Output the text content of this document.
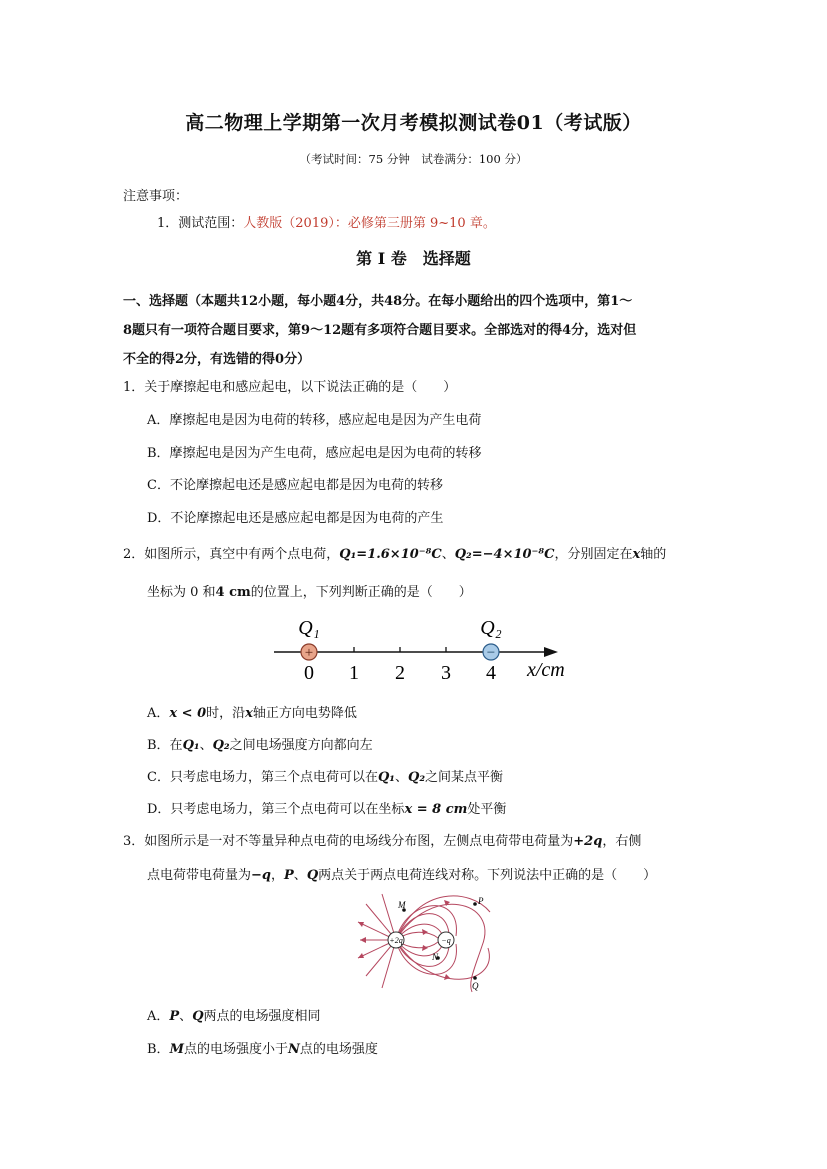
高二物理上学期第一次月考模拟测试卷01（考试版）
（考试时间：75 分钟　试卷满分：100 分）
注意事项：
1．测试范围：人教版（2019）：必修第三册第 9~10 章。
第 I 卷　选择题
一、选择题（本题共12小题，每小题4分，共48分。在每小题给出的四个选项中，第1～
8题只有一项符合题目要求，第9～12题有多项符合题目要求。全部选对的得4分，选对但
不全的得2分，有选错的得0分）
1．关于摩擦起电和感应起电，以下说法正确的是（　　）
A．摩擦起电是因为电荷的转移，感应起电是因为产生电荷
B．摩擦起电是因为产生电荷，感应起电是因为电荷的转移
C．不论摩擦起电还是感应起电都是因为电荷的转移
D．不论摩擦起电还是感应起电都是因为电荷的产生
2．如图所示，真空中有两个点电荷，Q₁=1.6×10⁻⁸C、Q₂=−4×10⁻⁸C，分别固定在x轴的
坐标为 0 和4 cm的位置上，下列判断正确的是（　　）
+	−
Q₁	Q₂
0 1 2 3 4 x/cm
A．x < 0时，沿x轴正方向电势降低
B．在Q₁、Q₂之间电场强度方向都向左
C．只考虑电场力，第三个点电荷可以在Q₁、Q₂之间某点平衡
D．只考虑电场力，第三个点电荷可以在坐标x = 8 cm处平衡
3．如图所示是一对不等量异种点电荷的电场线分布图，左侧点电荷带电荷量为+2q，右侧
点电荷带电荷量为−q，P、Q两点关于两点电荷连线对称。下列说法中正确的是（　　）
+2q	−q
M	P
N
Q
A．P、Q两点的电场强度相同
B．M点的电场强度小于N点的电场强度
